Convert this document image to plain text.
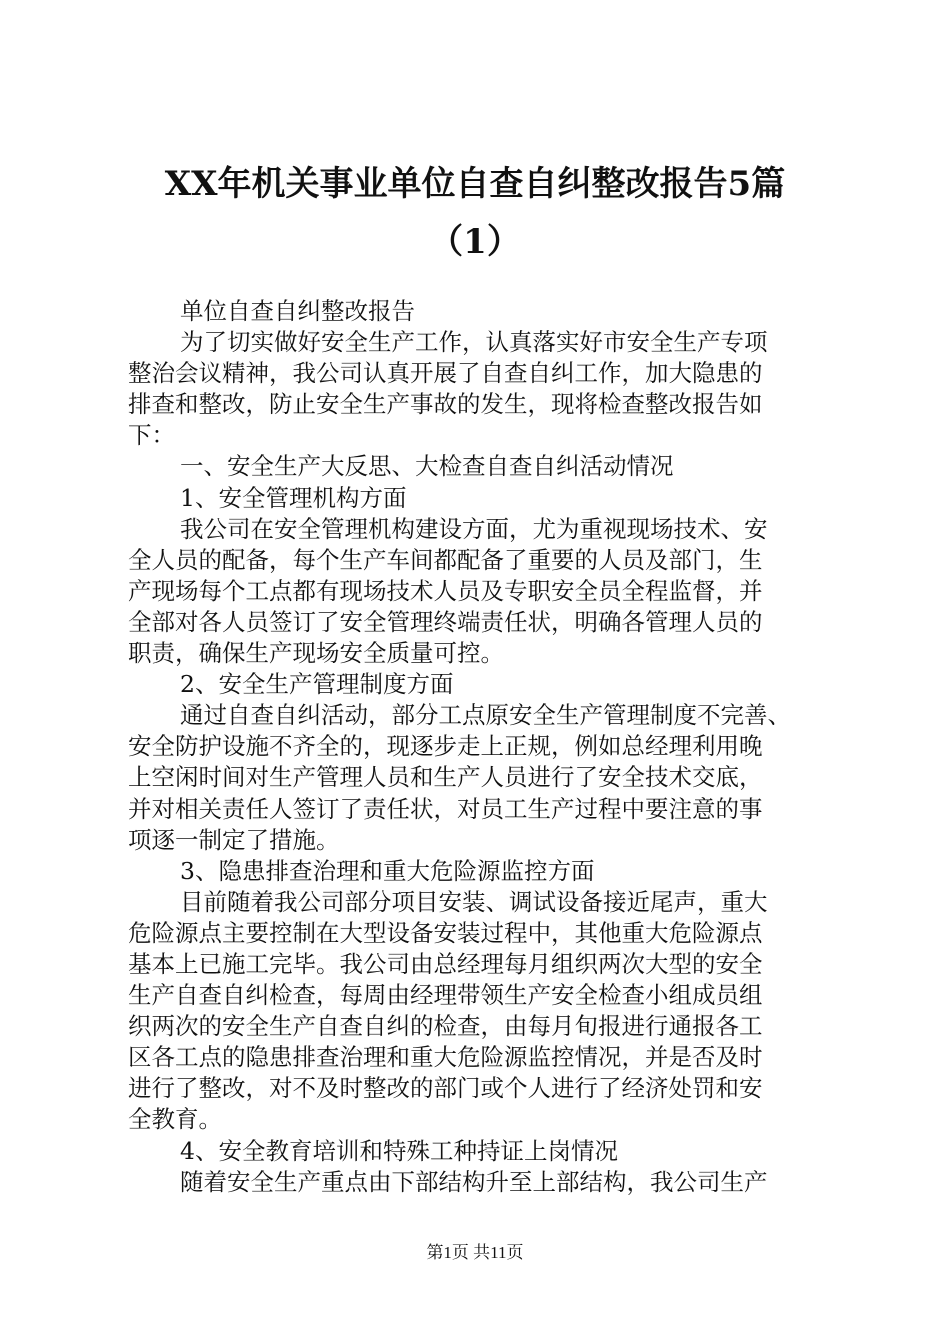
XX年机关事业单位自查自纠整改报告5篇
（1）
单位自查自纠整改报告
为了切实做好安全生产工作，认真落实好市安全生产专项
整治会议精神，我公司认真开展了自查自纠工作，加大隐患的
排查和整改，防止安全生产事故的发生，现将检查整改报告如
下：
一、安全生产大反思、大检查自查自纠活动情况
1、安全管理机构方面
我公司在安全管理机构建设方面，尤为重视现场技术、安
全人员的配备，每个生产车间都配备了重要的人员及部门，生
产现场每个工点都有现场技术人员及专职安全员全程监督，并
全部对各人员签订了安全管理终端责任状，明确各管理人员的
职责，确保生产现场安全质量可控。
2、安全生产管理制度方面
通过自查自纠活动，部分工点原安全生产管理制度不完善、
安全防护设施不齐全的，现逐步走上正规，例如总经理利用晚
上空闲时间对生产管理人员和生产人员进行了安全技术交底，
并对相关责任人签订了责任状，对员工生产过程中要注意的事
项逐一制定了措施。
3、隐患排查治理和重大危险源监控方面
目前随着我公司部分项目安装、调试设备接近尾声，重大
危险源点主要控制在大型设备安装过程中，其他重大危险源点
基本上已施工完毕。我公司由总经理每月组织两次大型的安全
生产自查自纠检查，每周由经理带领生产安全检查小组成员组
织两次的安全生产自查自纠的检查，由每月旬报进行通报各工
区各工点的隐患排查治理和重大危险源监控情况，并是否及时
进行了整改，对不及时整改的部门或个人进行了经济处罚和安
全教育。
4、安全教育培训和特殊工种持证上岗情况
随着安全生产重点由下部结构升至上部结构，我公司生产
第1页 共11页
